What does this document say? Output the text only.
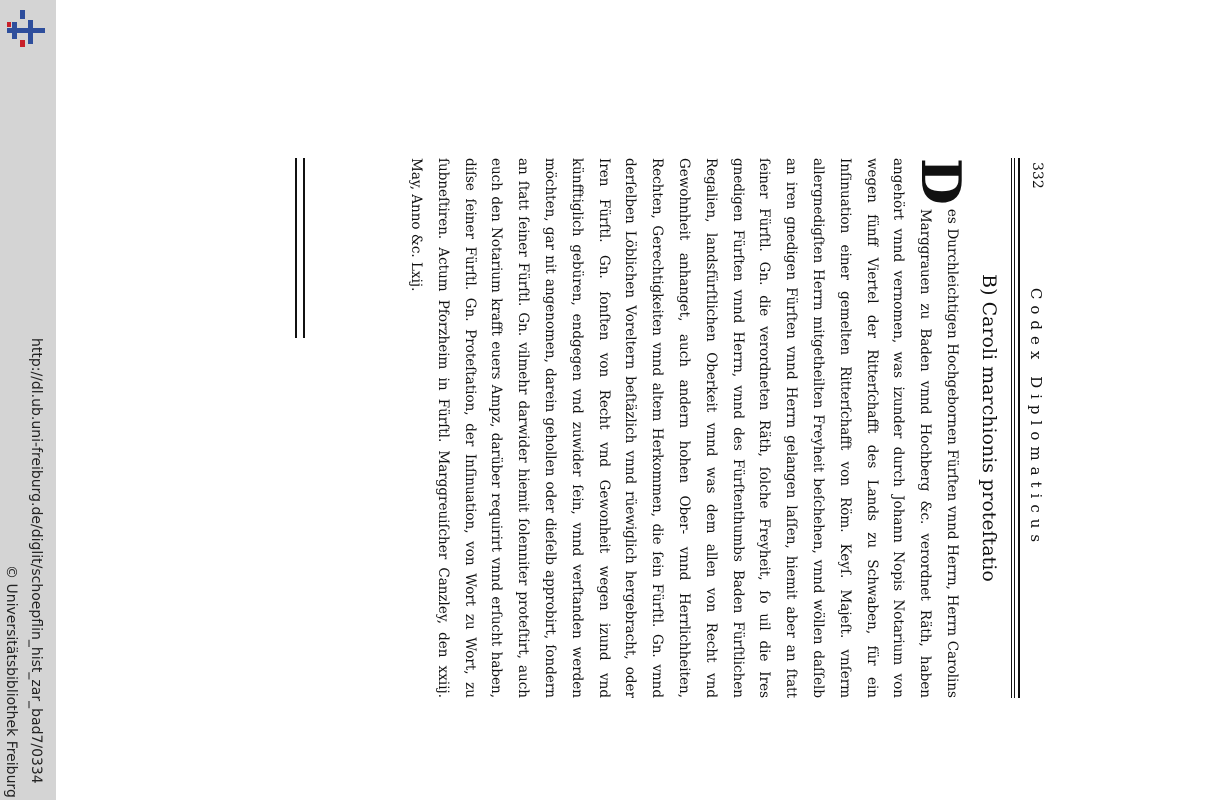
http://dl.ub.uni-freiburg.de/diglit/schoepflin_hist_zar_bad7/0334
© Universitätsbibliothek Freiburg
332
Codex Diplomaticus
B) Caroli marchionis proteſtatio
D

es Durchleichtigen Hochgebornen Fürſten vnnd Herrn, Herrn Carolins Marggrauen zu Baden vnnd Hochberg &c. verordnet Räth, haben angehört vnnd vernomen, was izunder durch Johann Nopis Notarium von wegen fünff Viertel der Ritterſchafft des Lands zu Schwaben, für ein Inſinuation einer gemelten Ritterſchafft von Röm. Keyſ. Majeſt. vnſerm allergnedigſten Herrn mitgetheilten Freyheit beſchehen, vnnd wöllen daſſelb an iren gnedigen Fürſten vnnd Herrn gelangen laſſen, hiemit aber an ſtatt ſeiner Fürſtl. Gn. die verordneten Räth, ſolche Freyheit, ſo uil die Ires gnedigen Fürſten vnnd Herrn, vnnd des Fürſtenthumbs Baden Fürſtlichen Regalien, landsfürſtlichen Oberkeit vnnd was dem allen von Recht vnd Gewohnheit anhanget, auch andern hohen Ober- vnnd Herrlichheiten, Rechten, Gerechtigkeiten vnnd altem Herkommen, die ſein Fürſtl. Gn. vnnd derſelben Löblichen Voreltern beſtäzlich vnnd rüewiglich hergebracht, oder Iren Fürſtl. Gn. ſonſten von Recht vnd Gewonheit wegen izund vnd künfftiglich gebüren, endgegen vnd zuwider ſein, vnnd verſtanden werden möchten, gar nit angenomen, darein gehollen oder dieſelb approbirt, ſondern an ſtatt ſeiner Fürſtl. Gn. vilmehr darwider hiemit ſolenniter proteſtirt, auch euch den Notarium krafft euers Ampz, darüber requirirt vnnd erſucht haben, diſse ſeiner Fürſtl. Gn. Proteſtation, der Inſinuation, von Wort zu Wort, zu ſubneſtiren. Actum Pforzheim in Fürſtl. Marggreuiſcher Canzley, den xxiij. May, Anno &c. Lxij.
